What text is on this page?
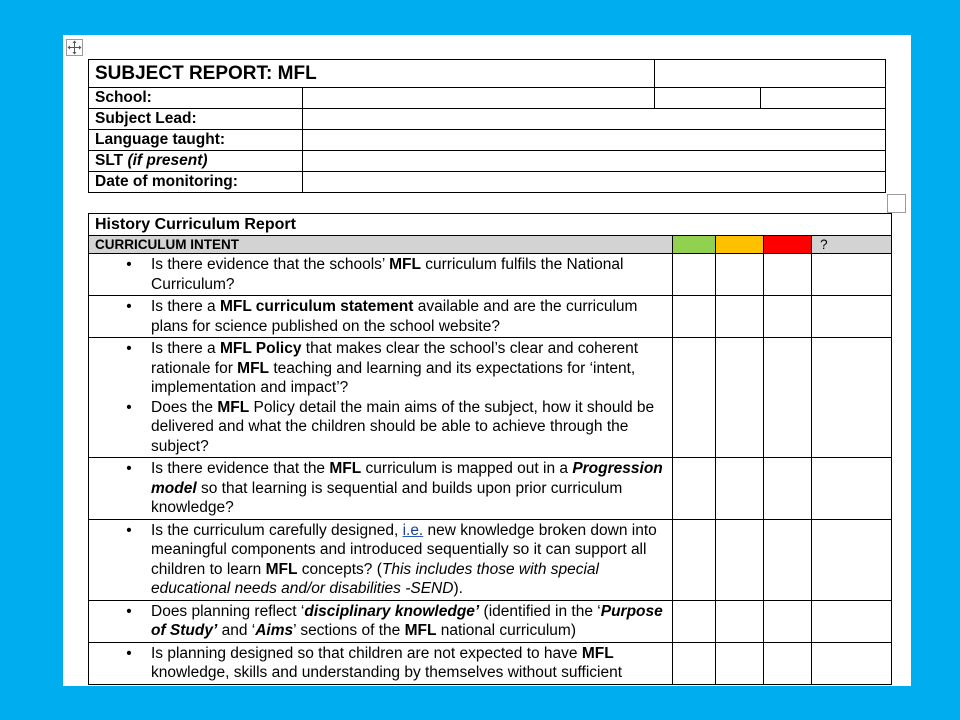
SUBJECT REPORT: MFL			
School:			
Subject Lead:			
Language taught:			
SLT (if present)			
Date of monitoring:			
History Curriculum Report				
CURRICULUM INTENT				?

• Is there evidence that the schools’ MFL curriculum fulfils the National Curriculum?				

• Is there a MFL curriculum statement available and are the curriculum plans for science published on the school website?				

• Is there a MFL Policy that makes clear the school’s clear and coherent rationale for MFL teaching and learning and its expectations for ‘intent, implementation and impact’?
• Does the MFL Policy detail the main aims of the subject, how it should be delivered and what the children should be able to achieve through the subject?				

• Is there evidence that the MFL curriculum is mapped out in a Progression model so that learning is sequential and builds upon prior curriculum knowledge?				

• Is the curriculum carefully designed, i.e. new knowledge broken down into meaningful components and introduced sequentially so it can support all children to learn MFL concepts? (This includes those with special educational needs and/or disabilities -SEND).				

• Does planning reflect ‘disciplinary knowledge’ (identified in the ‘Purpose of Study’ and ‘Aims’ sections of the MFL national curriculum)				

• Is planning designed so that children are not expected to have MFL knowledge, skills and understanding by themselves without sufficient				
